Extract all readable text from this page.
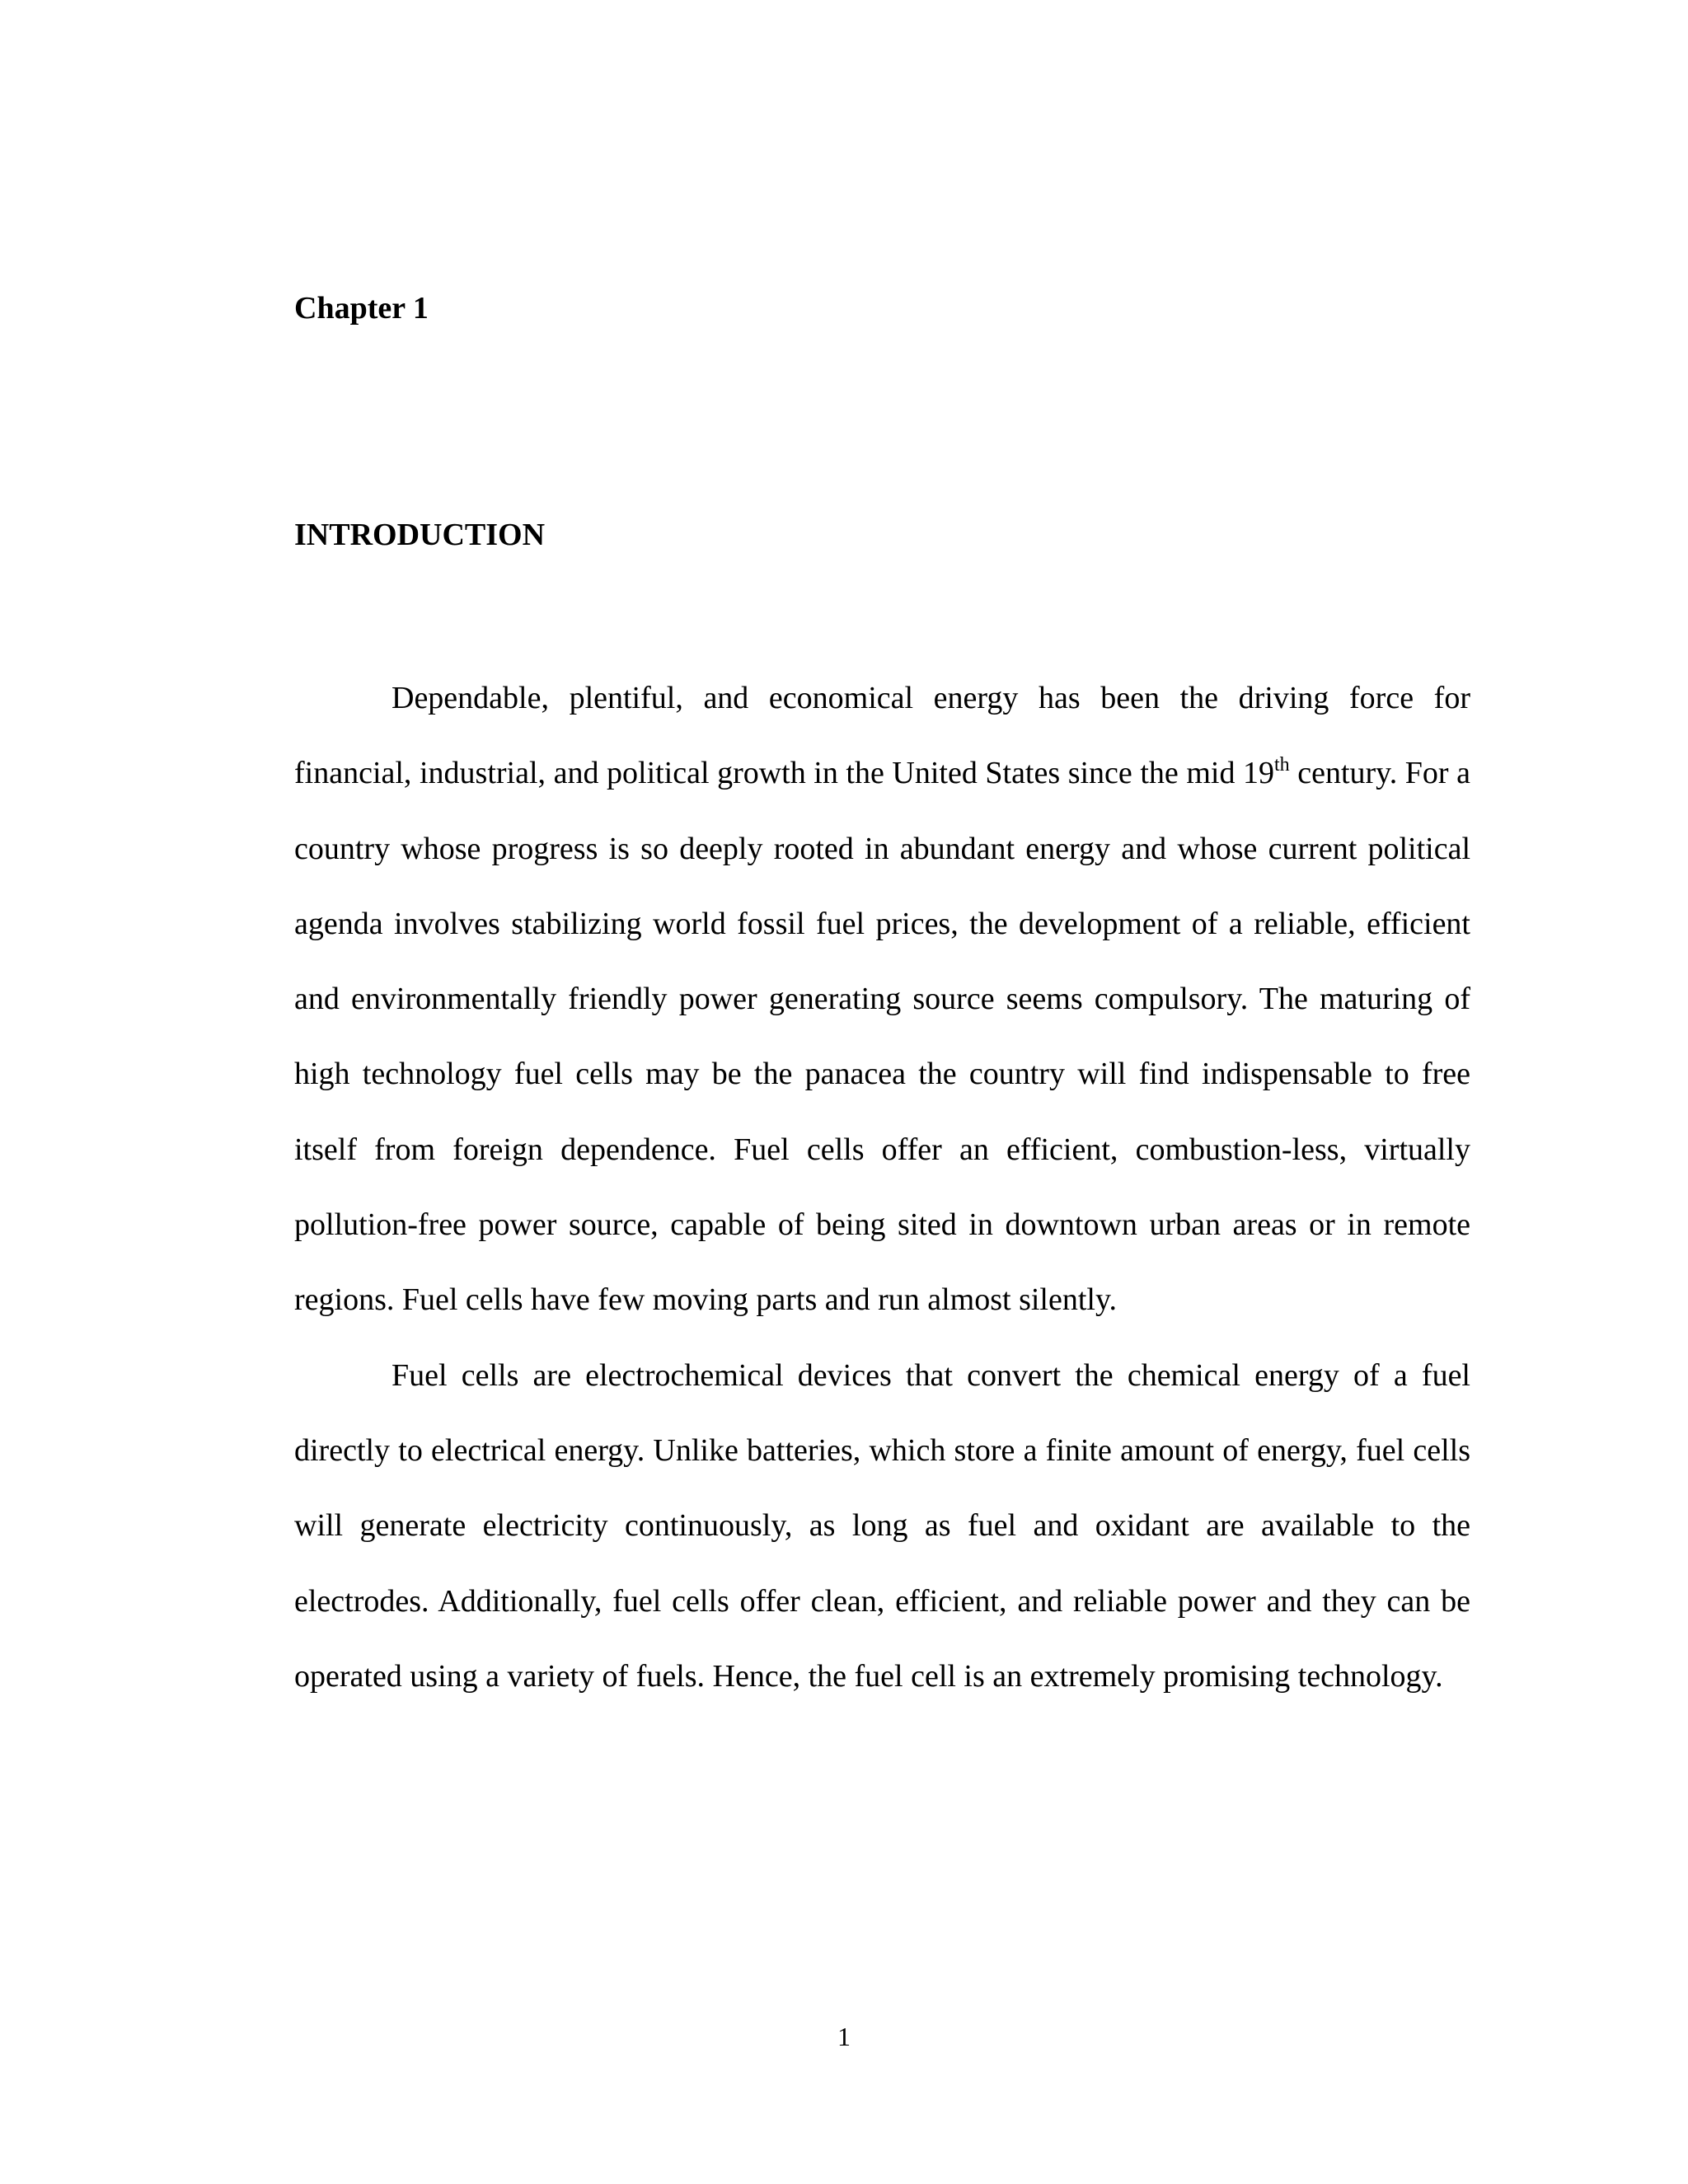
Chapter 1
INTRODUCTION

Dependable, plentiful, and economical energy has been the driving force for financial, industrial, and political growth in the United States since the mid 19th century. For a country whose progress is so deeply rooted in abundant energy and whose current political agenda involves stabilizing world fossil fuel prices, the development of a reliable, efficient and environmentally friendly power generating source seems compulsory. The maturing of high technology fuel cells may be the panacea the country will find indispensable to free itself from foreign dependence. Fuel cells offer an efficient, combustion-less, virtually pollution-free power source, capable of being sited in downtown urban areas or in remote regions. Fuel cells have few moving parts and run almost silently.

Fuel cells are electrochemical devices that convert the chemical energy of a fuel directly to electrical energy. Unlike batteries, which store a finite amount of energy, fuel cells will generate electricity continuously, as long as fuel and oxidant are available to the electrodes. Additionally, fuel cells offer clean, efficient, and reliable power and they can be operated using a variety of fuels. Hence, the fuel cell is an extremely promising technology.

1
